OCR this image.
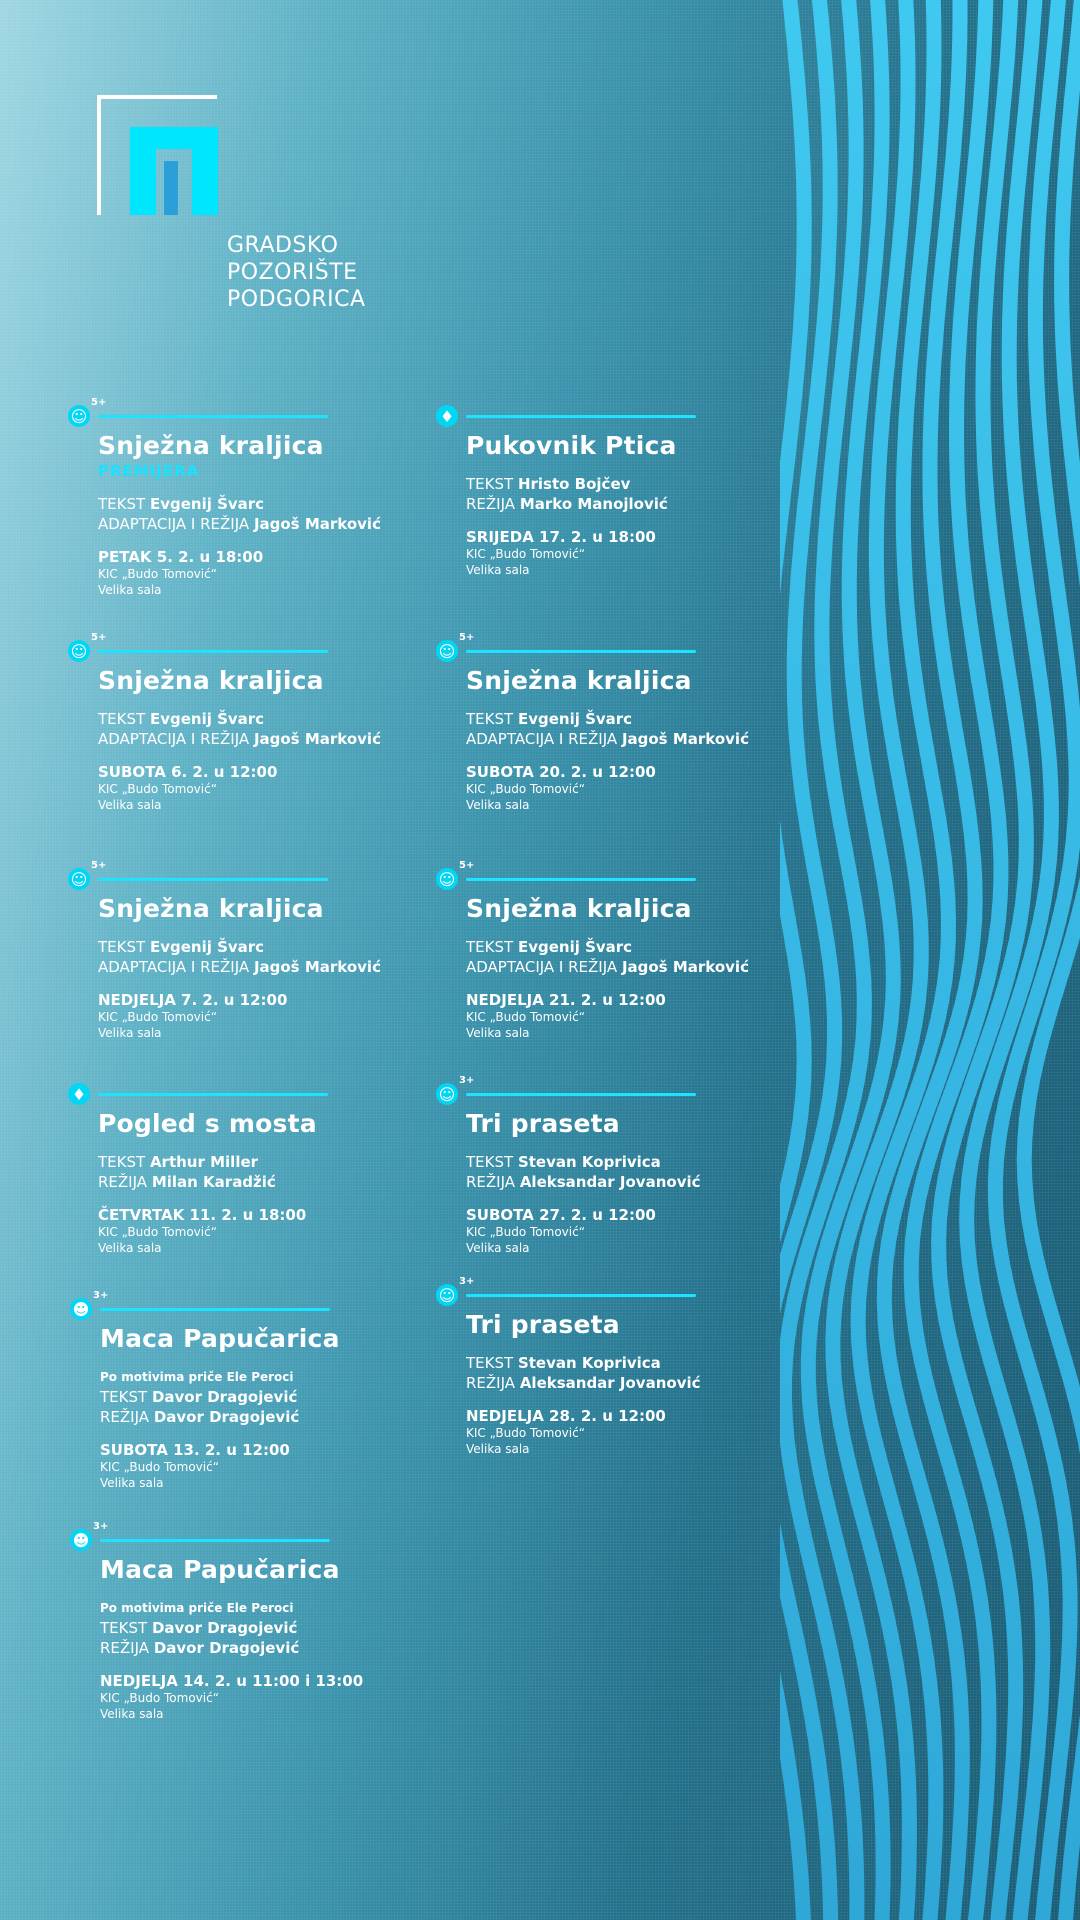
GRADSKO
POZORIŠTE
PODGORICA
☺
5+
Snježna kraljica
PREMIJERA
TEKST Evgenij Švarc
ADAPTACIJA I REŽIJA Jagoš Marković
PETAK 5. 2. u 18:00
KIC „Budo Tomović“
Velika sala
♦
Pukovnik Ptica
TEKST Hristo Bojčev
REŽIJA Marko Manojlović
SRIJEDA 17. 2. u 18:00
KIC „Budo Tomović“
Velika sala
☺
5+
Snježna kraljica
TEKST Evgenij Švarc
ADAPTACIJA I REŽIJA Jagoš Marković
SUBOTA 6. 2. u 12:00
KIC „Budo Tomović“
Velika sala
☺
5+
Snježna kraljica
TEKST Evgenij Švarc
ADAPTACIJA I REŽIJA Jagoš Marković
SUBOTA 20. 2. u 12:00
KIC „Budo Tomović“
Velika sala
☺
5+
Snježna kraljica
TEKST Evgenij Švarc
ADAPTACIJA I REŽIJA Jagoš Marković
NEDJELJA 7. 2. u 12:00
KIC „Budo Tomović“
Velika sala
☺
5+
Snježna kraljica
TEKST Evgenij Švarc
ADAPTACIJA I REŽIJA Jagoš Marković
NEDJELJA 21. 2. u 12:00
KIC „Budo Tomović“
Velika sala
♦
Pogled s mosta
TEKST Arthur Miller
REŽIJA Milan Karadžić
ČETVRTAK 11. 2. u 18:00
KIC „Budo Tomović“
Velika sala
☺
3+
Tri praseta
TEKST Stevan Koprivica
REŽIJA Aleksandar Jovanović
SUBOTA 27. 2. u 12:00
KIC „Budo Tomović“
Velika sala
☻
3+
Maca Papučarica
Po motivima priče Ele Peroci
TEKST Davor Dragojević
REŽIJA Davor Dragojević
SUBOTA 13. 2. u 12:00
KIC „Budo Tomović“
Velika sala
☺
3+
Tri praseta
TEKST Stevan Koprivica
REŽIJA Aleksandar Jovanović
NEDJELJA 28. 2. u 12:00
KIC „Budo Tomović“
Velika sala
☻
3+
Maca Papučarica
Po motivima priče Ele Peroci
TEKST Davor Dragojević
REŽIJA Davor Dragojević
NEDJELJA 14. 2. u 11:00 i 13:00
KIC „Budo Tomović“
Velika sala
